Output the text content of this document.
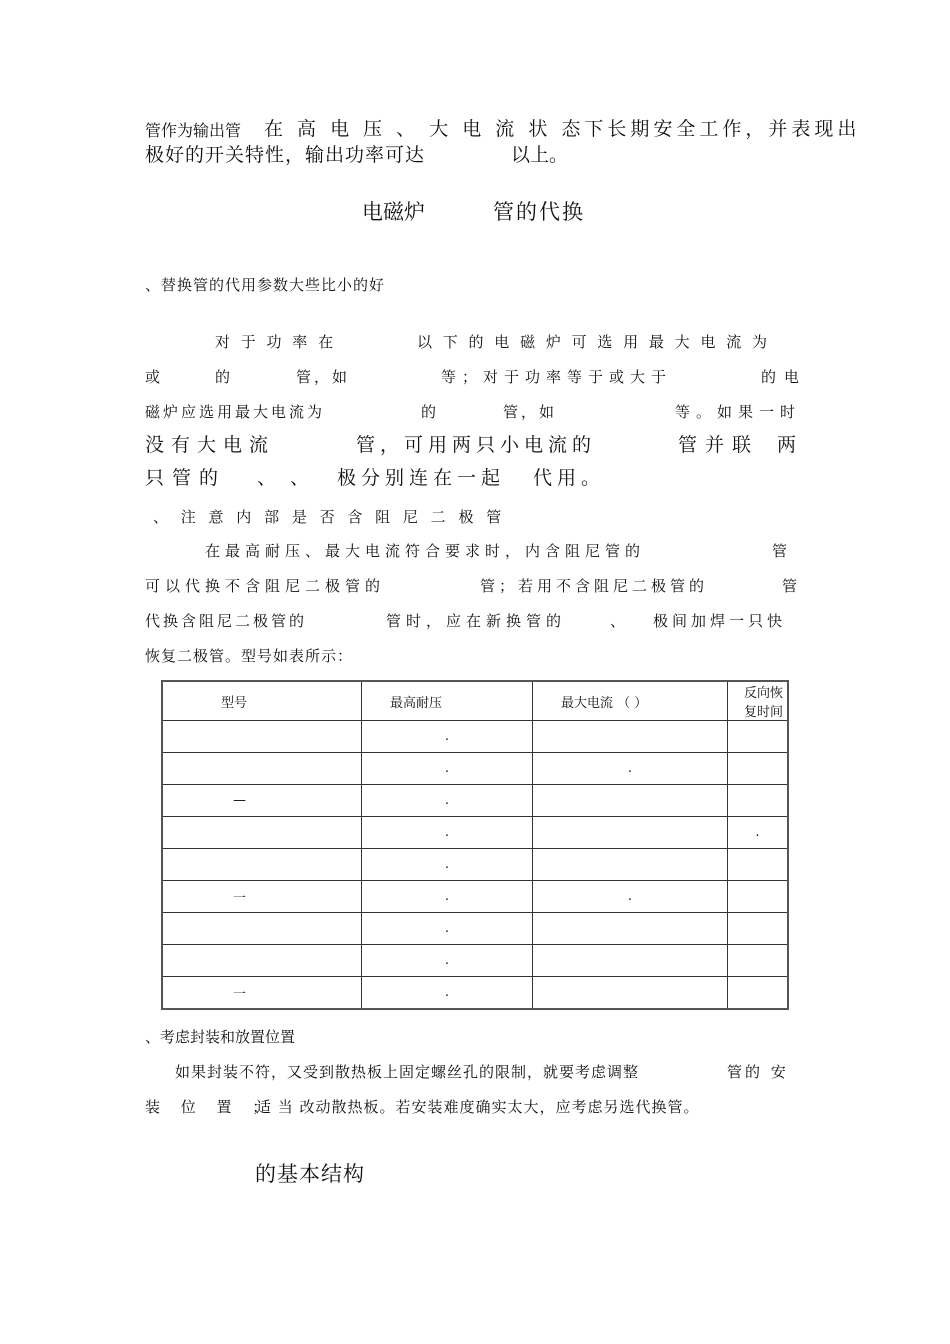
管作为输出管 在 高 电 压 、 大 电 流 状 态下长期安全工作，并表现出
极好的开关特性，输出功率可达	以上。
电磁炉	管的代换
、替换管的代用参数大些比小的好
对 于 功 率 在	以 下 的 电 磁 炉 可 选 用 最 大 电 流 为
或	的	管，如	等；对于功率等于或大于	的电
磁炉应选用最大电流为	的	管，如	等。如果一时
没有大电流	管，可用两只小电流的	管并联 两
只管的 、 、 极分别连在一起 代用。
、 注 意 内 部 是 否 含 阻 尼 二 极 管
在最高耐压、最大电流符合要求时，内含阻尼管的	管
可以代换不含阻尼二极管的	管；若用不含阻尼二极管的	管
代换含阻尼二极管的	管时，应在新换管的	、 极间加焊一只快
恢复二极管。型号如表所示：
型号	最高耐压	最大电流 （ ）	反向恢复时间
	.		
	.	.	
—	.		
	.		.
	.		
一	.	.	
	.		
	.		
一	.		
、考虑封装和放置位置
如果封装不符，又受到散热板上固定螺丝孔的限制，就要考虑调整	管的 安
装 位 置 ；
适 当 改动散热板。若安装难度确实太大，应考虑另选代换管。
的基本结构
